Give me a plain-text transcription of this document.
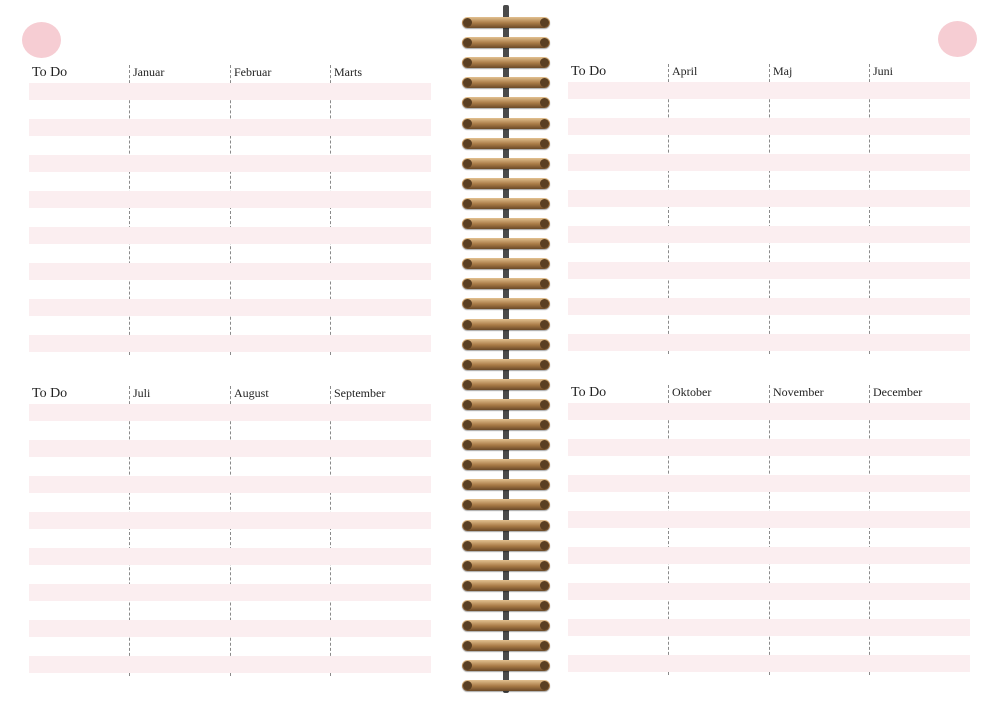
To Do	Januar	Februar	Marts
To Do	Juli	August	September
To Do	April	Maj	Juni
To Do	Oktober	November	December
